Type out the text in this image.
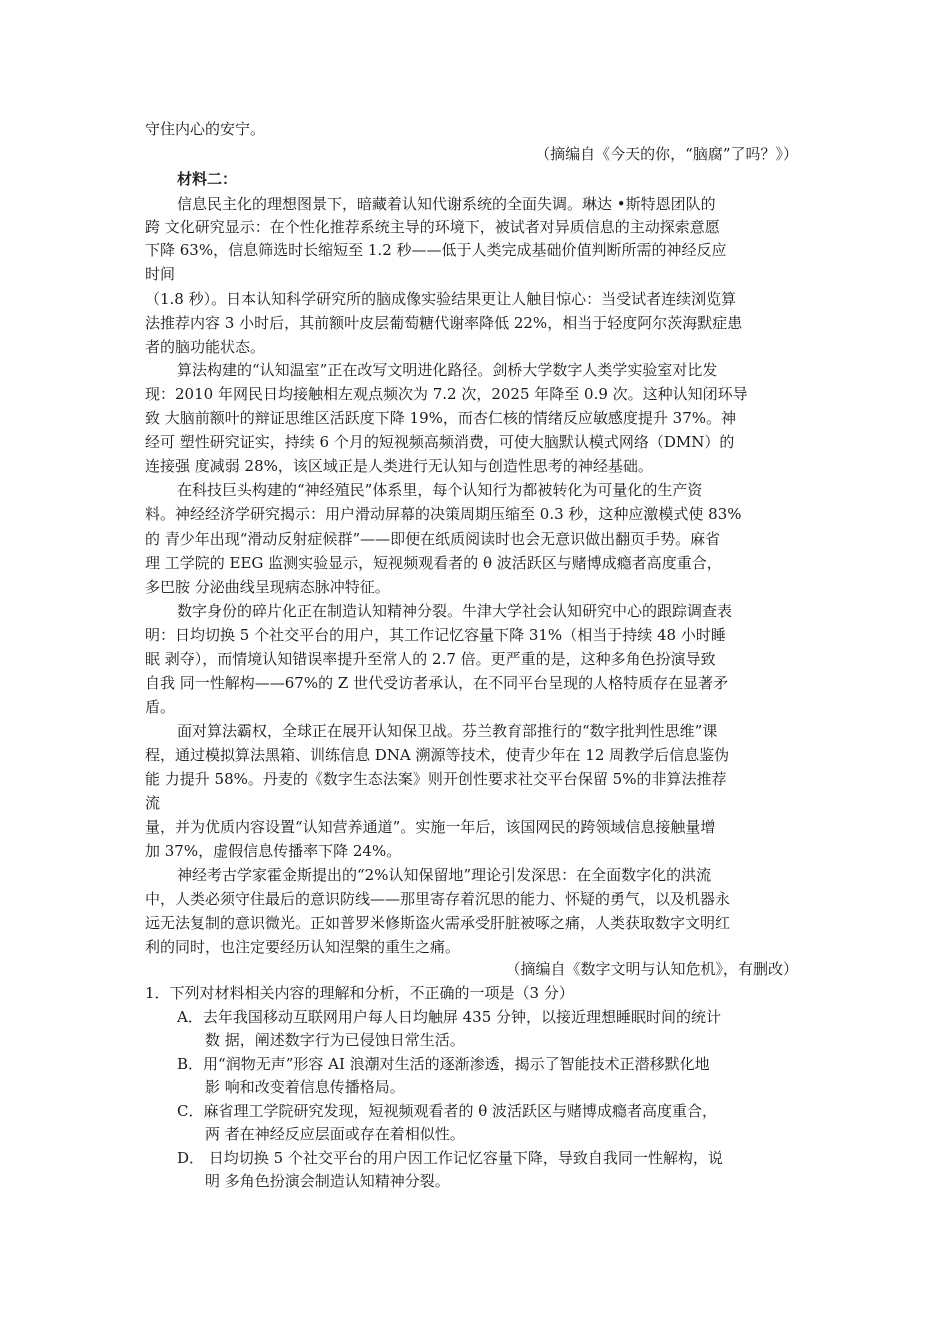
守住内心的安宁。
（摘编自《今天的你，“脑腐”了吗？》）
材料二：
信息民主化的理想图景下，暗藏着认知代谢系统的全面失调。琳达 •斯特恩团队的
跨 文化研究显示：在个性化推荐系统主导的环境下，被试者对异质信息的主动探索意愿
下降 63%，信息筛选时长缩短至 1.2 秒——低于人类完成基础价值判断所需的神经反应
时间
（1.8 秒）。日本认知科学研究所的脑成像实验结果更让人触目惊心：当受试者连续浏览算
法推荐内容 3 小时后，其前额叶皮层葡萄糖代谢率降低 22%，相当于轻度阿尔茨海默症患
者的脑功能状态。
算法构建的“认知温室”正在改写文明进化路径。剑桥大学数字人类学实验室对比发
现：2010 年网民日均接触相左观点频次为 7.2 次，2025 年降至 0.9 次。这种认知闭环导
致 大脑前额叶的辩证思维区活跃度下降 19%，而杏仁核的情绪反应敏感度提升 37%。神
经可 塑性研究证实，持续 6 个月的短视频高频消费，可使大脑默认模式网络（DMN）的
连接强 度减弱 28%，该区域正是人类进行无认知与创造性思考的神经基础。
在科技巨头构建的“神经殖民”体系里，每个认知行为都被转化为可量化的生产资
料。神经经济学研究揭示：用户滑动屏幕的决策周期压缩至 0.3 秒，这种应激模式使 83%
的 青少年出现“滑动反射症候群”——即便在纸质阅读时也会无意识做出翻页手势。麻省
理 工学院的 EEG 监测实验显示，短视频观看者的 θ 波活跃区与赌博成瘾者高度重合，
多巴胺 分泌曲线呈现病态脉冲特征。
数字身份的碎片化正在制造认知精神分裂。牛津大学社会认知研究中心的跟踪调查表
明：日均切换 5 个社交平台的用户，其工作记忆容量下降 31%（相当于持续 48 小时睡
眠 剥夺），而情境认知错误率提升至常人的 2.7 倍。更严重的是，这种多角色扮演导致
自我 同一性解构——67%的 Z 世代受访者承认，在不同平台呈现的人格特质存在显著矛
盾。
面对算法霸权，全球正在展开认知保卫战。芬兰教育部推行的“数字批判性思维”课
程，通过模拟算法黑箱、训练信息 DNA 溯源等技术，使青少年在 12 周教学后信息鉴伪
能 力提升 58%。丹麦的《数字生态法案》则开创性要求社交平台保留 5%的非算法推荐
流
量，并为优质内容设置“认知营养通道”。实施一年后，该国网民的跨领域信息接触量增
加 37%，虚假信息传播率下降 24%。
神经考古学家霍金斯提出的“2%认知保留地”理论引发深思：在全面数字化的洪流
中，人类必须守住最后的意识防线——那里寄存着沉思的能力、怀疑的勇气，以及机器永
远无法复制的意识微光。正如普罗米修斯盗火需承受肝脏被啄之痛，人类获取数字文明红
利的同时，也注定要经历认知涅槃的重生之痛。
（摘编自《数字文明与认知危机》，有删改）
1．下列对材料相关内容的理解和分析，不正确的一项是（3 分）
A．去年我国移动互联网用户每人日均触屏 435 分钟，以接近理想睡眠时间的统计
数 据，阐述数字行为已侵蚀日常生活。
B．用“润物无声”形容 AI 浪潮对生活的逐渐渗透，揭示了智能技术正潜移默化地
影 响和改变着信息传播格局。
C．麻省理工学院研究发现，短视频观看者的 θ 波活跃区与赌博成瘾者高度重合，
两 者在神经反应层面或存在着相似性。
D． 日均切换 5 个社交平台的用户因工作记忆容量下降，导致自我同一性解构，说
明 多角色扮演会制造认知精神分裂。
